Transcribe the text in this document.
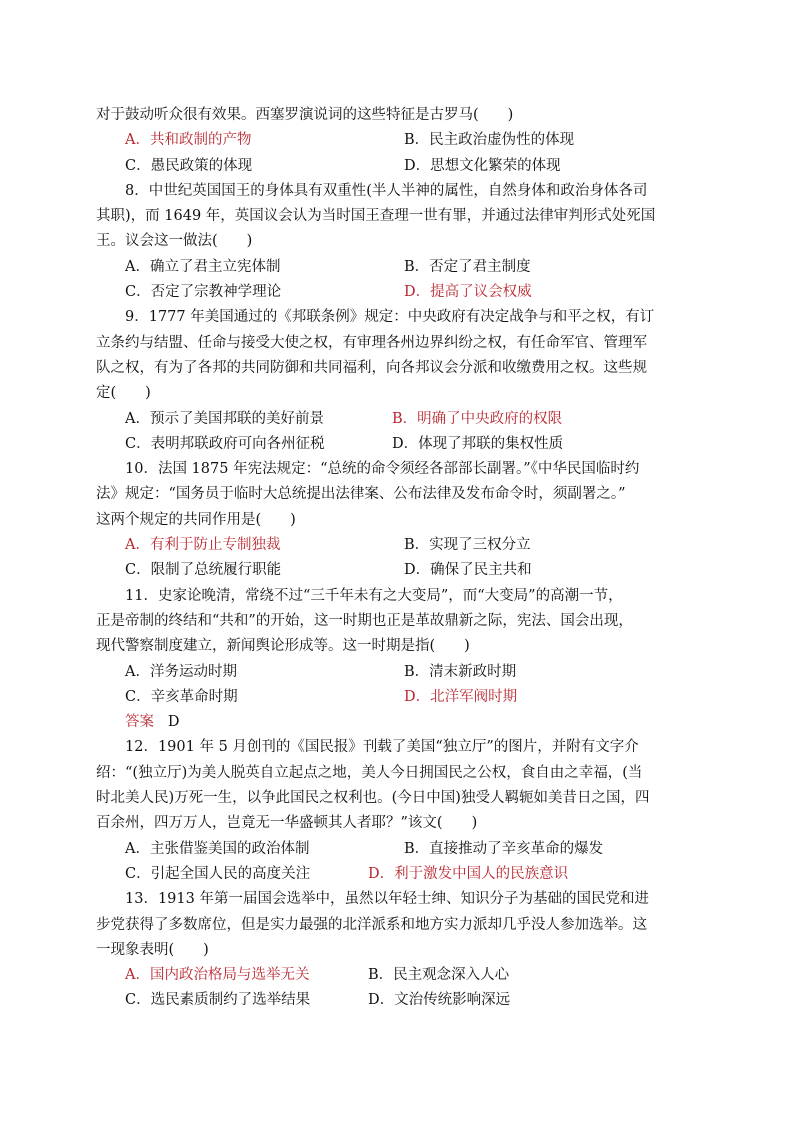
对于鼓动听众很有效果。西塞罗演说词的这些特征是古罗马(　　)
A．共和政制的产物	B．民主政治虚伪性的体现
C．愚民政策的体现	D．思想文化繁荣的体现
8．中世纪英国国王的身体具有双重性(半人半神的属性，自然身体和政治身体各司
其职)，而 1649 年，英国议会认为当时国王查理一世有罪，并通过法律审判形式处死国
王。议会这一做法(　　)
A．确立了君主立宪体制	B．否定了君主制度
C．否定了宗教神学理论	D．提高了议会权威
9．1777 年美国通过的《邦联条例》规定：中央政府有决定战争与和平之权，有订
立条约与结盟、任命与接受大使之权，有审理各州边界纠纷之权，有任命军官、管理军
队之权，有为了各邦的共同防御和共同福利，向各邦议会分派和收缴费用之权。这些规
定(　　)
A．预示了美国邦联的美好前景	B．明确了中央政府的权限
C．表明邦联政府可向各州征税	D．体现了邦联的集权性质
10．法国 1875 年宪法规定：“总统的命令须经各部部长副署。”《中华民国临时约
法》规定：“国务员于临时大总统提出法律案、公布法律及发布命令时，须副署之。”
这两个规定的共同作用是(　　)
A．有利于防止专制独裁	B．实现了三权分立
C．限制了总统履行职能	D．确保了民主共和
11．史家论晚清，常绕不过“三千年未有之大变局”，而“大变局”的高潮一节，
正是帝制的终结和“共和”的开始，这一时期也正是革故鼎新之际，宪法、国会出现，
现代警察制度建立，新闻舆论形成等。这一时期是指(　　)
A．洋务运动时期	B．清末新政时期
C．辛亥革命时期	D．北洋军阀时期
答案 D
12．1901 年 5 月创刊的《国民报》刊载了美国“独立厅”的图片，并附有文字介
绍：“(独立厅)为美人脱英自立起点之地，美人今日拥国民之公权，食自由之幸福，(当
时北美人民)万死一生，以争此国民之权利也。(今日中国)独受人羁轭如美昔日之国，四
百余州，四万万人，岂竟无一华盛顿其人者耶？”该文(　　)
A．主张借鉴美国的政治体制	B．直接推动了辛亥革命的爆发
C．引起全国人民的高度关注	D．利于激发中国人的民族意识
13．1913 年第一届国会选举中，虽然以年轻士绅、知识分子为基础的国民党和进
步党获得了多数席位，但是实力最强的北洋派系和地方实力派却几乎没人参加选举。这
一现象表明(　　)
A．国内政治格局与选举无关	B．民主观念深入人心
C．选民素质制约了选举结果	D．文治传统影响深远
